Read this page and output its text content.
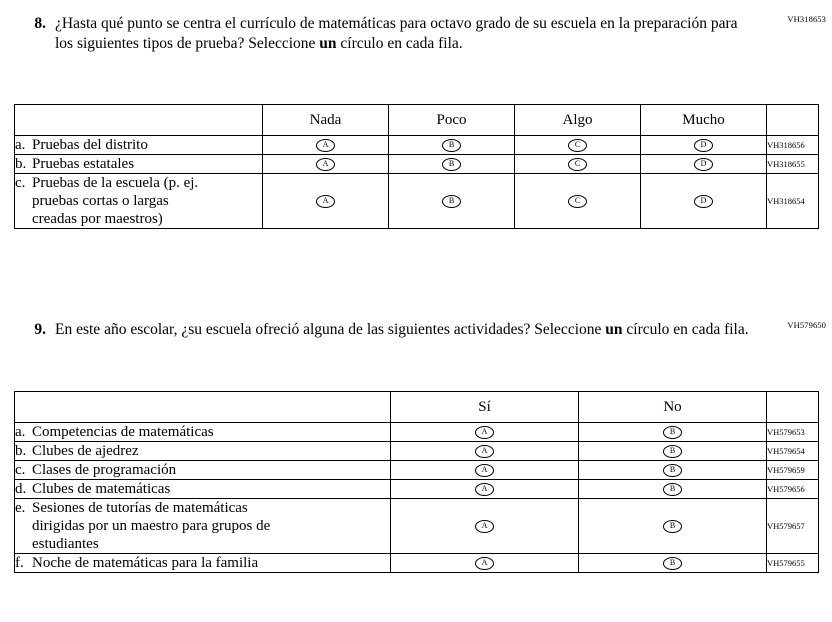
VH318653
8. ¿Hasta qué punto se centra el currículo de matemáticas para octavo grado de su escuela en la preparación para los siguientes tipos de prueba? Seleccione un círculo en cada fila.
	Nada	Poco	Algo	Mucho	
a. Pruebas del distrito	A	B	C	D	VH318656
b. Pruebas estatales	A	B	C	D	VH318655
c. Pruebas de la escuela (p. ej.
pruebas cortas o largas
creadas por maestros)	A	B	C	D	VH318654
VH579650
9. En este año escolar, ¿su escuela ofreció alguna de las siguientes actividades? Seleccione un círculo en cada fila.
	Sí	No	
a. Competencias de matemáticas	A	B	VH579653
b. Clubes de ajedrez	A	B	VH579654
c. Clases de programación	A	B	VH579659
d. Clubes de matemáticas	A	B	VH579656
e. Sesiones de tutorías de matemáticas
dirigidas por un maestro para grupos de
estudiantes	A	B	VH579657
f. Noche de matemáticas para la familia	A	B	VH579655
